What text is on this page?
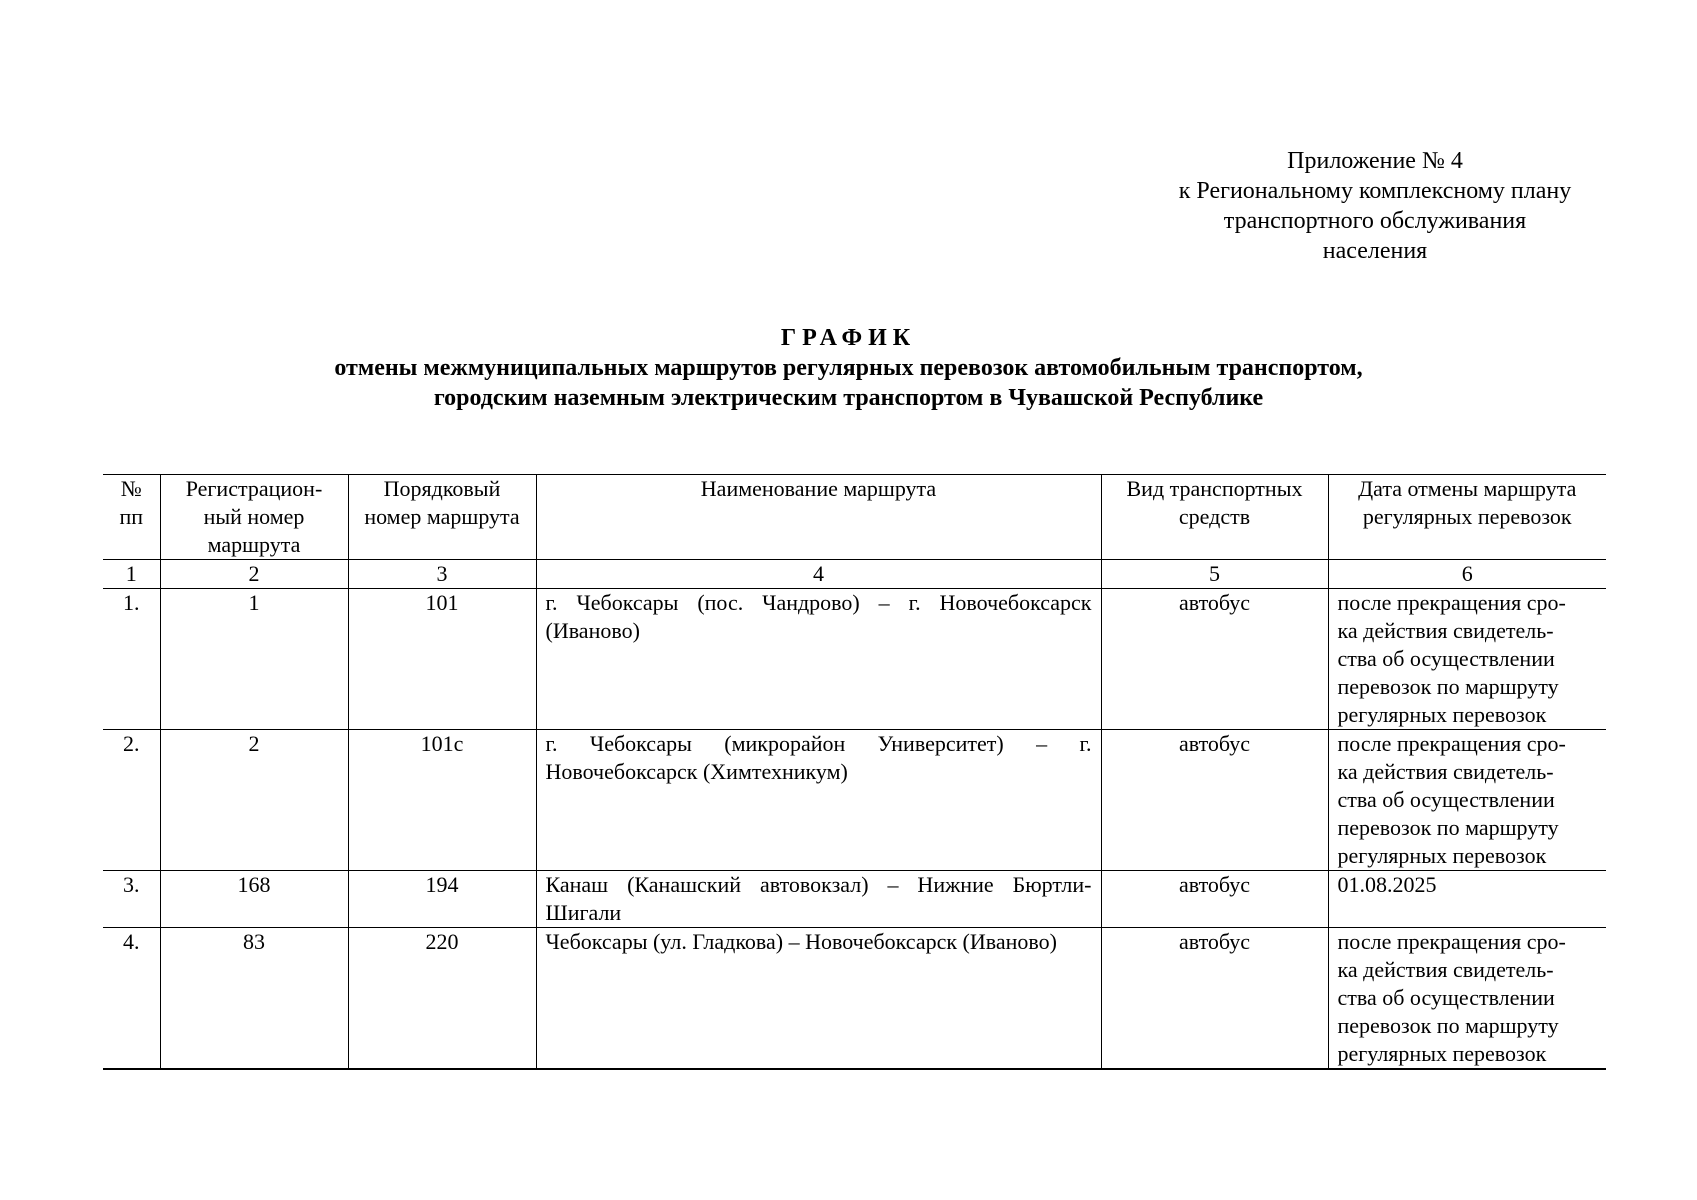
Приложение № 4
к Региональному комплексному плану
транспортного обслуживания
населения
ГРАФИК
отмены межмуниципальных маршрутов регулярных перевозок автомобильным транспортом,
городским наземным электрическим транспортом в Чувашской Республике
№ пп	Регистрацион-ный номер маршрута	Порядковый номер маршрута	Наименование маршрута	Вид транспортных средств	Дата отмены маршрута регулярных перевозок
1	2	3	4	5	6
1.	1	101	г. Чебоксары (пос. Чандрово) – г. Новочебоксарск (Иваново)	автобус	после прекращения сро-
ка действия свидетель-
ства об осуществлении
перевозок по маршруту
регулярных перевозок
2.	2	101с	г. Чебоксары (микрорайон Университет) – г. Новочебоксарск (Химтехникум)	автобус	после прекращения сро-
ка действия свидетель-
ства об осуществлении
перевозок по маршруту
регулярных перевозок
3.	168	194	Канаш (Канашский автовокзал) – Нижние Бюртли-Шигали	автобус	01.08.2025
4.	83	220	Чебоксары (ул. Гладкова) – Новочебоксарск (Иваново)	автобус	после прекращения сро-
ка действия свидетель-
ства об осуществлении
перевозок по маршруту
регулярных перевозок
